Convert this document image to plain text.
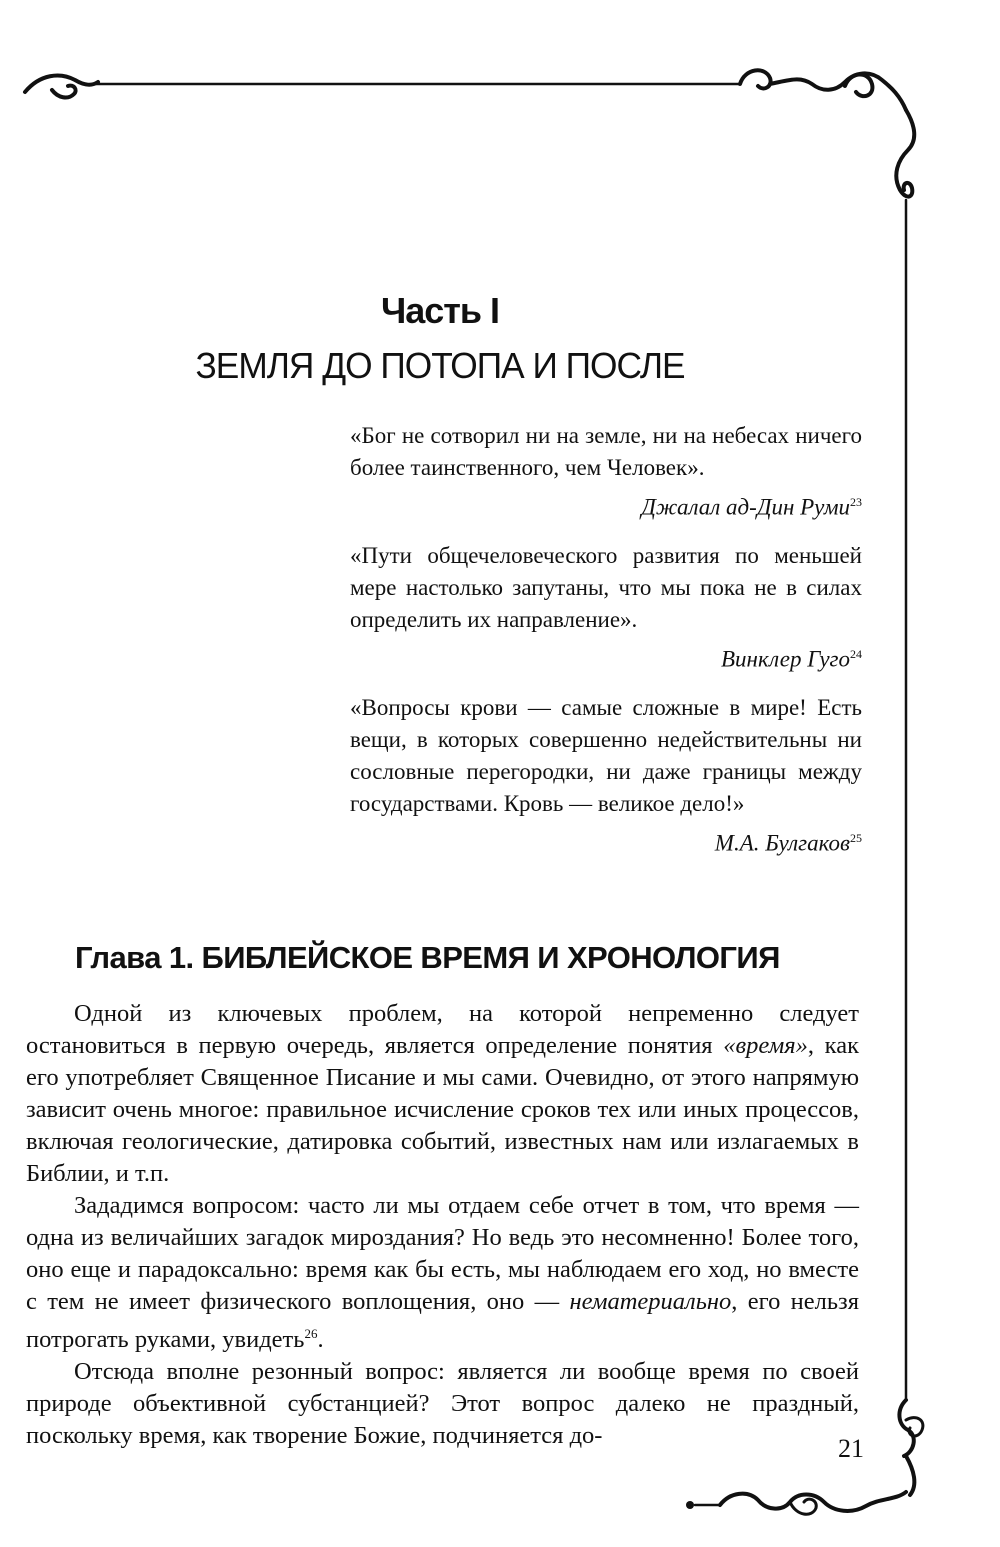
Часть I
ЗЕМЛЯ ДО ПОТОПА И ПОСЛЕ
«Бог не сотворил ни на земле, ни на небесах ничего более таинственного, чем Человек».
Джалал ад-Дин Руми$^{23}$
«Пути общечеловеческого развития по меньшей мере настолько запутаны, что мы пока не в силах определить их направление».
Винклер Гуго$^{24}$
«Вопросы крови — самые сложные в мире! Есть вещи, в которых совершенно недействительны ни сословные перегородки, ни даже границы между государствами. Кровь — великое дело!»
М.А. Булгаков$^{25}$
Глава 1. БИБЛЕЙСКОЕ ВРЕМЯ И ХРОНОЛОГИЯ

Одной из ключевых проблем, на которой непременно следует остановиться в первую очередь, является определение понятия «время», как его употребляет Священное Писание и мы сами. Очевидно, от этого напрямую зависит очень многое: правильное исчисление сроков тех или иных процессов, включая геологические, датировка событий, известных нам или излагаемых в Библии, и т.п.

Зададимся вопросом: часто ли мы отдаем себе отчет в том, что время — одна из величайших загадок мироздания? Но ведь это несомненно! Более того, оно еще и парадоксально: время как бы есть, мы наблюдаем его ход, но вместе с тем не имеет физического воплощения, оно — нематериально, его нельзя потрогать руками, увидеть$^{26}$.

Отсюда вполне резонный вопрос: является ли вообще время по своей природе объективной субстанцией? Этот вопрос далеко не праздный, поскольку время, как творение Божие, подчиняется до-	21
